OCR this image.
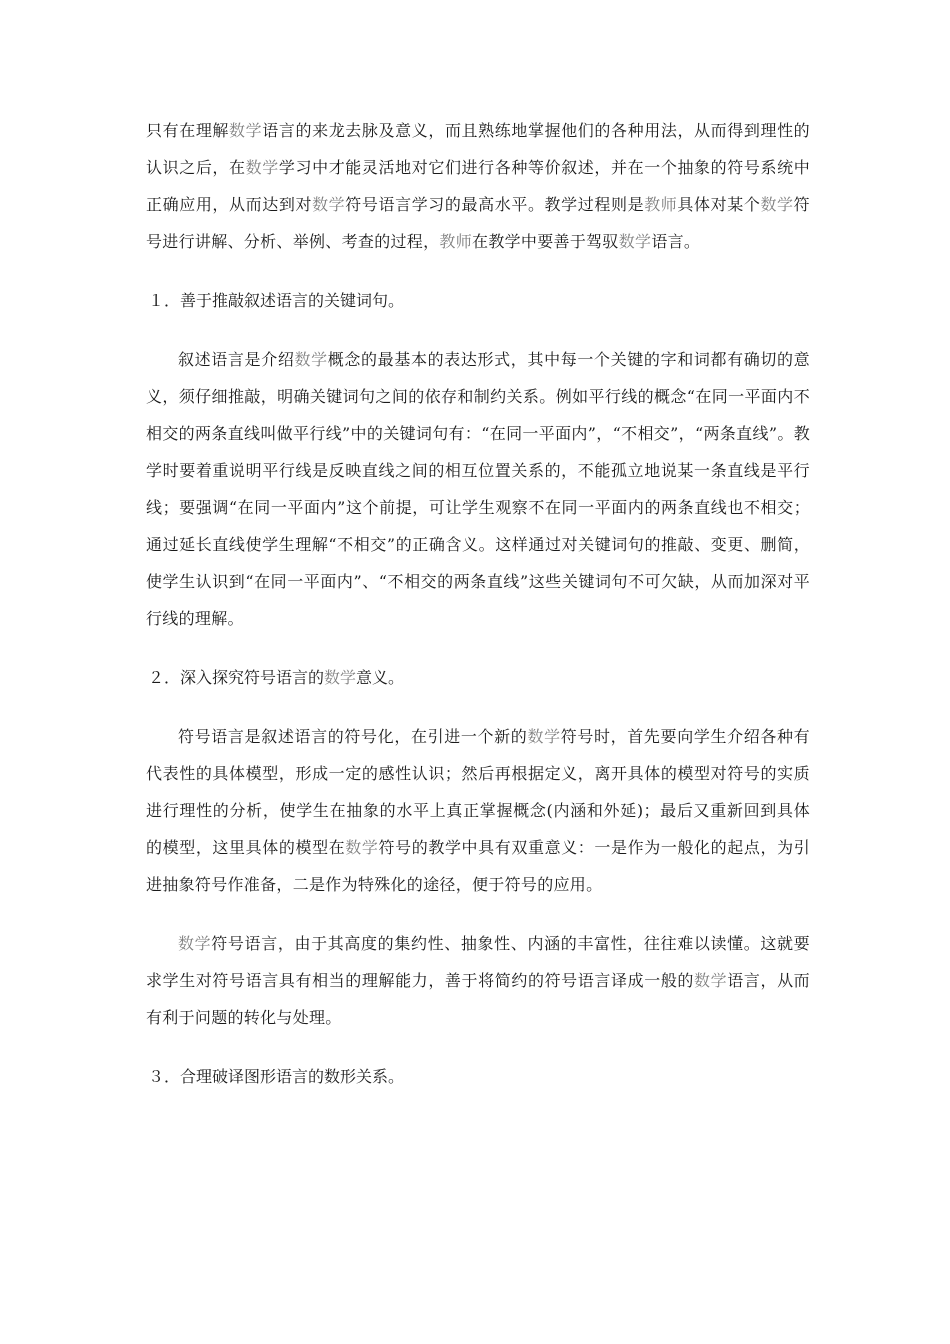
只有在理解数学语言的来龙去脉及意义，而且熟练地掌握他们的各种用法，从而得到理性的认识之后，在数学学习中才能灵活地对它们进行各种等价叙述，并在一个抽象的符号系统中正确应用，从而达到对数学符号语言学习的最高水平。教学过程则是教师具体对某个数学符号进行讲解、分析、举例、考查的过程，教师在教学中要善于驾驭数学语言。

１．善于推敲叙述语言的关键词句。

叙述语言是介绍数学概念的最基本的表达形式，其中每一个关键的字和词都有确切的意义，须仔细推敲，明确关键词句之间的依存和制约关系。例如平行线的概念“在同一平面内不相交的两条直线叫做平行线”中的关键词句有：“在同一平面内”，“不相交”，“两条直线”。教学时要着重说明平行线是反映直线之间的相互位置关系的，不能孤立地说某一条直线是平行线；要强调“在同一平面内”这个前提，可让学生观察不在同一平面内的两条直线也不相交；通过延长直线使学生理解“不相交”的正确含义。这样通过对关键词句的推敲、变更、删简，使学生认识到“在同一平面内”、“不相交的两条直线”这些关键词句不可欠缺，从而加深对平行线的理解。

２．深入探究符号语言的数学意义。

符号语言是叙述语言的符号化，在引进一个新的数学符号时，首先要向学生介绍各种有代表性的具体模型，形成一定的感性认识；然后再根据定义，离开具体的模型对符号的实质进行理性的分析，使学生在抽象的水平上真正掌握概念(内涵和外延)；最后又重新回到具体的模型，这里具体的模型在数学符号的教学中具有双重意义：一是作为一般化的起点，为引进抽象符号作准备，二是作为特殊化的途径，便于符号的应用。

数学符号语言，由于其高度的集约性、抽象性、内涵的丰富性，往往难以读懂。这就要求学生对符号语言具有相当的理解能力，善于将简约的符号语言译成一般的数学语言，从而有利于问题的转化与处理。

３．合理破译图形语言的数形关系。
